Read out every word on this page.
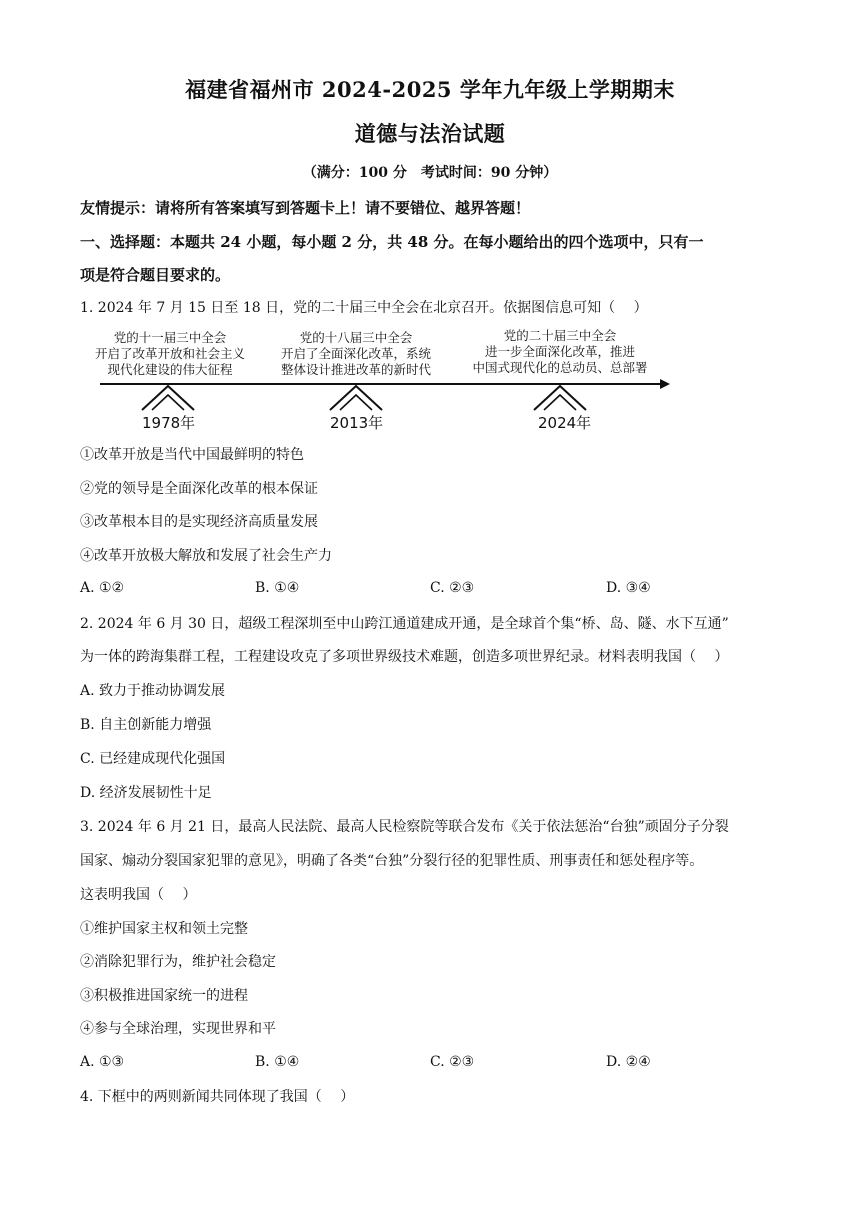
福建省福州市 2024-2025 学年九年级上学期期末
道德与法治试题
（满分：100 分　考试时间：90 分钟）
友情提示：请将所有答案填写到答题卡上！请不要错位、越界答题！
一、选择题：本题共 24 小题，每小题 2 分，共 48 分。在每小题给出的四个选项中，只有一
项是符合题目要求的。
1. 2024 年 7 月 15 日至 18 日，党的二十届三中全会在北京召开。依据图信息可知（　 ）
党的十一届三中全会
开启了改革开放和社会主义
现代化建设的伟大征程
党的十八届三中全会
开启了全面深化改革，系统
整体设计推进改革的新时代
党的二十届三中全会
进一步全面深化改革，推进
中国式现代化的总动员、总部署
1978年	2013年	2024年
①改革开放是当代中国最鲜明的特色
②党的领导是全面深化改革的根本保证
③改革根本目的是实现经济高质量发展
④改革开放极大解放和发展了社会生产力
A. ①②	B. ①④	C. ②③	D. ③④
2. 2024 年 6 月 30 日，超级工程深圳至中山跨江通道建成开通，是全球首个集“桥、岛、隧、水下互通”
为一体的跨海集群工程，工程建设攻克了多项世界级技术难题，创造多项世界纪录。材料表明我国（　 ）
A. 致力于推动协调发展
B. 自主创新能力增强
C. 已经建成现代化强国
D. 经济发展韧性十足
3. 2024 年 6 月 21 日，最高人民法院、最高人民检察院等联合发布《关于依法惩治“台独”顽固分子分裂
国家、煽动分裂国家犯罪的意见》，明确了各类“台独”分裂行径的犯罪性质、刑事责任和惩处程序等。
这表明我国（　 ）
①维护国家主权和领土完整
②消除犯罪行为，维护社会稳定
③积极推进国家统一的进程
④参与全球治理，实现世界和平
A. ①③	B. ①④	C. ②③	D. ②④
4. 下框中的两则新闻共同体现了我国（　 ）
